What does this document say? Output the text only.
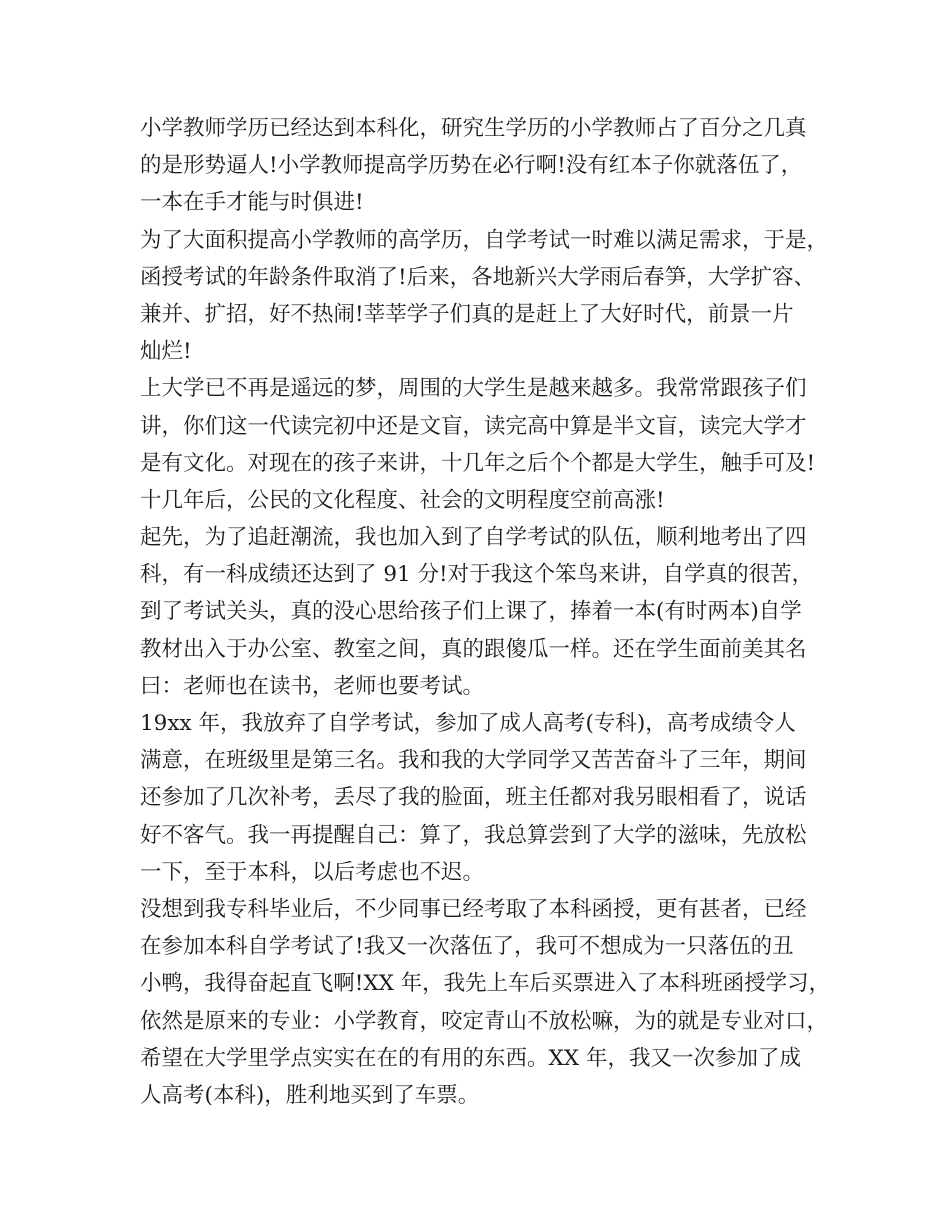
小学教师学历已经达到本科化，研究生学历的小学教师占了百分之几真
的是形势逼人!小学教师提高学历势在必行啊!没有红本子你就落伍了，
一本在手才能与时俱进!
为了大面积提高小学教师的高学历，自学考试一时难以满足需求，于是，
函授考试的年龄条件取消了!后来，各地新兴大学雨后春笋，大学扩容、
兼并、扩招，好不热闹!莘莘学子们真的是赶上了大好时代，前景一片
灿烂!
上大学已不再是遥远的梦，周围的大学生是越来越多。我常常跟孩子们
讲，你们这一代读完初中还是文盲，读完高中算是半文盲，读完大学才
是有文化。对现在的孩子来讲，十几年之后个个都是大学生，触手可及!
十几年后，公民的文化程度、社会的文明程度空前高涨!
起先，为了追赶潮流，我也加入到了自学考试的队伍，顺利地考出了四
科，有一科成绩还达到了 91 分!对于我这个笨鸟来讲，自学真的很苦，
到了考试关头，真的没心思给孩子们上课了，捧着一本(有时两本)自学
教材出入于办公室、教室之间，真的跟傻瓜一样。还在学生面前美其名
曰：老师也在读书，老师也要考试。
19xx 年，我放弃了自学考试，参加了成人高考(专科)，高考成绩令人
满意，在班级里是第三名。我和我的大学同学又苦苦奋斗了三年，期间
还参加了几次补考，丢尽了我的脸面，班主任都对我另眼相看了，说话
好不客气。我一再提醒自己：算了，我总算尝到了大学的滋味，先放松
一下，至于本科，以后考虑也不迟。
没想到我专科毕业后，不少同事已经考取了本科函授，更有甚者，已经
在参加本科自学考试了!我又一次落伍了，我可不想成为一只落伍的丑
小鸭，我得奋起直飞啊!XX 年，我先上车后买票进入了本科班函授学习，
依然是原来的专业：小学教育，咬定青山不放松嘛，为的就是专业对口，
希望在大学里学点实实在在的有用的东西。XX 年，我又一次参加了成
人高考(本科)，胜利地买到了车票。
